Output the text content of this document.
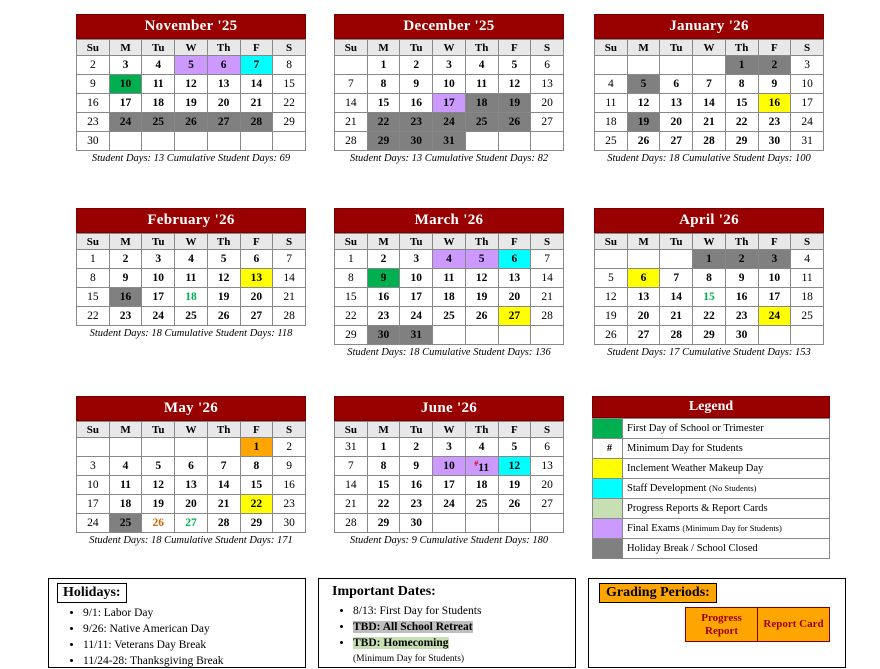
November '25
Su	M	Tu	W	Th	F	S
2	3	4	5	6	7	8
9	10	11	12	13	14	15
16	17	18	19	20	21	22
23	24	25	26	27	28	29
30						
Student Days: 13 Cumulative Student Days: 69
December '25
Su	M	Tu	W	Th	F	S
	1	2	3	4	5	6
7	8	9	10	11	12	13
14	15	16	17	18	19	20
21	22	23	24	25	26	27
28	29	30	31			
Student Days: 13 Cumulative Student Days: 82
January '26
Su	M	Tu	W	Th	F	S
				1	2	3
4	5	6	7	8	9	10
11	12	13	14	15	16	17
18	19	20	21	22	23	24
25	26	27	28	29	30	31
Student Days: 18 Cumulative Student Days: 100
February '26
Su	M	Tu	W	Th	F	S
1	2	3	4	5	6	7
8	9	10	11	12	13	14
15	16	17	18	19	20	21
22	23	24	25	26	27	28
Student Days: 18 Cumulative Student Days: 118
March '26
Su	M	Tu	W	Th	F	S
1	2	3	4	5	6	7
8	9	10	11	12	13	14
15	16	17	18	19	20	21
22	23	24	25	26	27	28
29	30	31				
Student Days: 18 Cumulative Student Days: 136
April '26
Su	M	Tu	W	Th	F	S
			1	2	3	4
5	6	7	8	9	10	11
12	13	14	15	16	17	18
19	20	21	22	23	24	25
26	27	28	29	30		
Student Days: 17 Cumulative Student Days: 153
May '26
Su	M	Tu	W	Th	F	S
					1	2
3	4	5	6	7	8	9
10	11	12	13	14	15	16
17	18	19	20	21	22	23
24	25	26	27	28	29	30
Student Days: 18 Cumulative Student Days: 171
June '26
Su	M	Tu	W	Th	F	S
31	1	2	3	4	5	6
7	8	9	10	#11	12	13
14	15	16	17	18	19	20
21	22	23	24	25	26	27
28	29	30				
Student Days: 9 Cumulative Student Days: 180
Legend
	First Day of School or Trimester
#	Minimum Day for Students
	Inclement Weather Makeup Day
	Staff Development (No Students)
	Progress Reports & Report Cards
	Final Exams (Minimum Day for Students)
	Holiday Break / School Closed
Holidays:
• 9/1: Labor Day
• 9/26: Native American Day
• 11/11: Veterans Day Break
• 11/24-28: Thanksgiving Break
Important Dates:
• 8/13: First Day for Students
• TBD: All School Retreat
• TBD: Homecoming
(Minimum Day for Students)
Grading Periods:
Progress Report	Report Card
